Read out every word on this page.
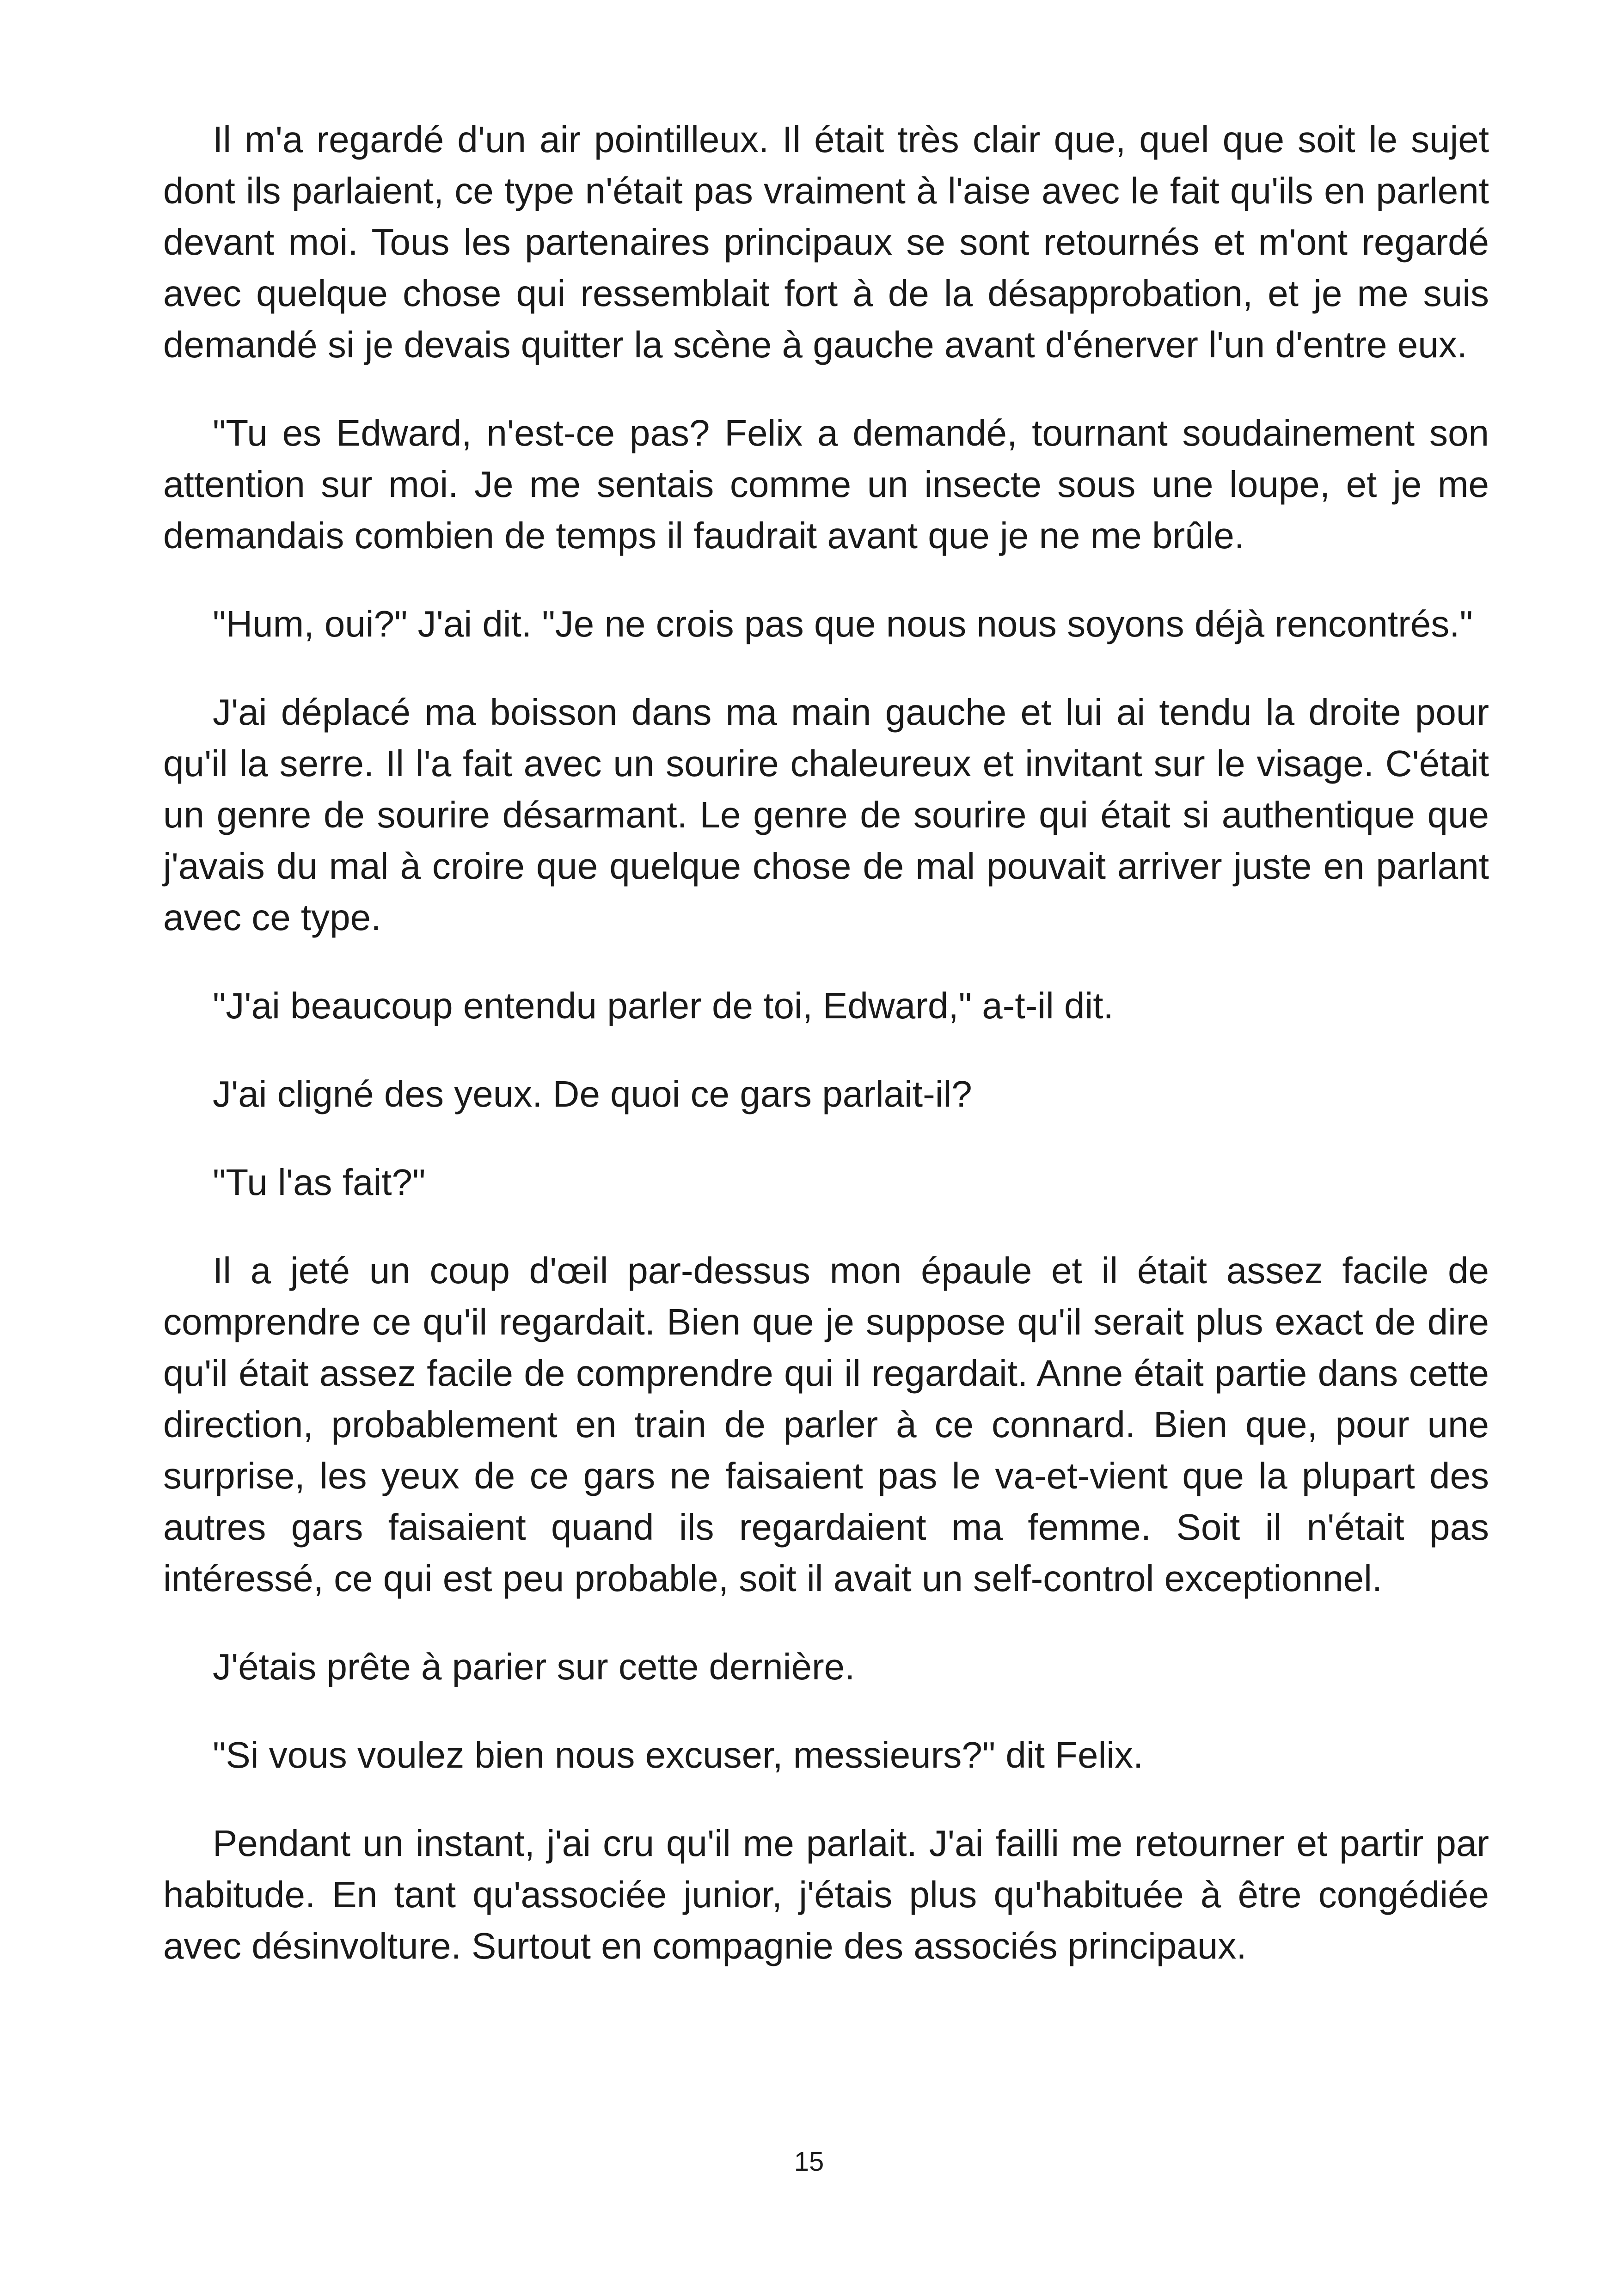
Il m'a regardé d'un air pointilleux. Il était très clair que, quel que soit le sujet dont ils parlaient, ce type n'était pas vraiment à l'aise avec le fait qu'ils en parlent devant moi. Tous les partenaires principaux se sont retournés et m'ont regardé avec quelque chose qui ressemblait fort à de la désapprobation, et je me suis demandé si je devais quitter la scène à gauche avant d'énerver l'un d'entre eux.

"Tu es Edward, n'est-ce pas? Felix a demandé, tournant soudainement son attention sur moi. Je me sentais comme un insecte sous une loupe, et je me demandais combien de temps il faudrait avant que je ne me brûle.

"Hum, oui?" J'ai dit. "Je ne crois pas que nous nous soyons déjà rencontrés."

J'ai déplacé ma boisson dans ma main gauche et lui ai tendu la droite pour qu'il la serre. Il l'a fait avec un sourire chaleureux et invitant sur le visage. C'était un genre de sourire désarmant. Le genre de sourire qui était si authentique que j'avais du mal à croire que quelque chose de mal pouvait arriver juste en parlant avec ce type.

"J'ai beaucoup entendu parler de toi, Edward," a-t-il dit.

J'ai cligné des yeux. De quoi ce gars parlait-il?

"Tu l'as fait?"

Il a jeté un coup d'œil par-dessus mon épaule et il était assez facile de comprendre ce qu'il regardait. Bien que je suppose qu'il serait plus exact de dire qu'il était assez facile de comprendre qui il regardait. Anne était partie dans cette direction, probablement en train de parler à ce connard. Bien que, pour une surprise, les yeux de ce gars ne faisaient pas le va-et-vient que la plupart des autres gars faisaient quand ils regardaient ma femme. Soit il n'était pas intéressé, ce qui est peu probable, soit il avait un self-control exceptionnel.

J'étais prête à parier sur cette dernière.

"Si vous voulez bien nous excuser, messieurs?" dit Felix.

Pendant un instant, j'ai cru qu'il me parlait. J'ai failli me retourner et partir par habitude. En tant qu'associée junior, j'étais plus qu'habituée à être congédiée avec désinvolture. Surtout en compagnie des associés principaux.

15
